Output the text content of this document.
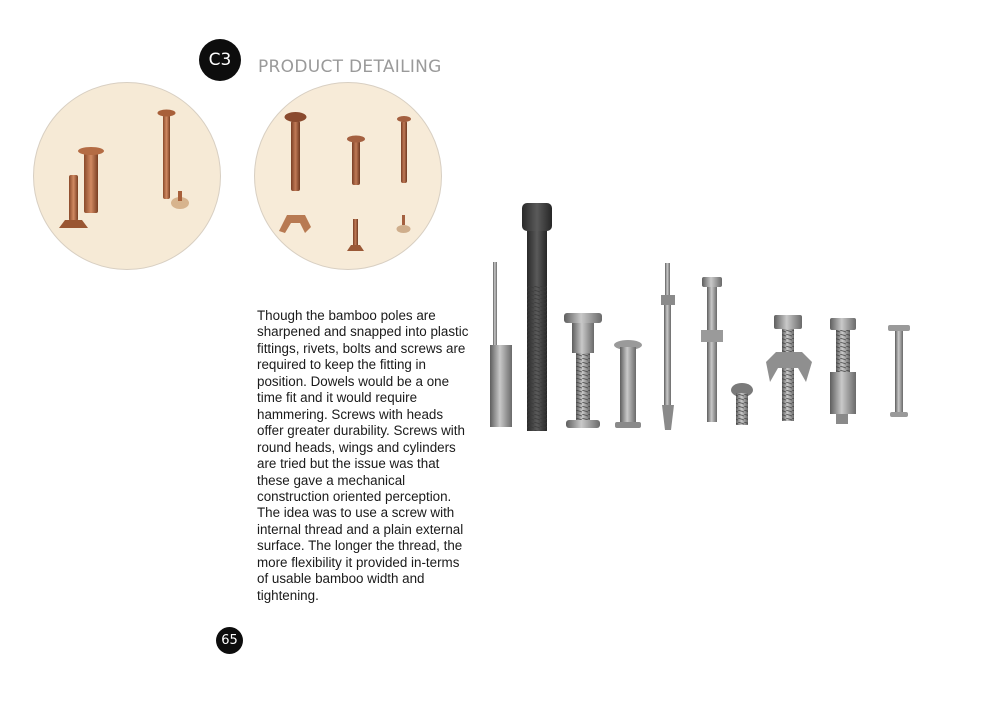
C3 PRODUCT DETAILING
Though the bamboo poles are sharpened and snapped into plastic fittings, rivets, bolts and screws are required to keep the fitting in position. Dowels would be a one time fit and it would require hammering. Screws with heads offer greater durability. Screws with round heads, wings and cylinders are tried but the issue was that these gave a mechanical construction oriented perception. The idea was to use a screw with internal thread and a plain external surface. The longer the thread, the more flexibility it provided in-terms of usable bamboo width and tightening.
65
